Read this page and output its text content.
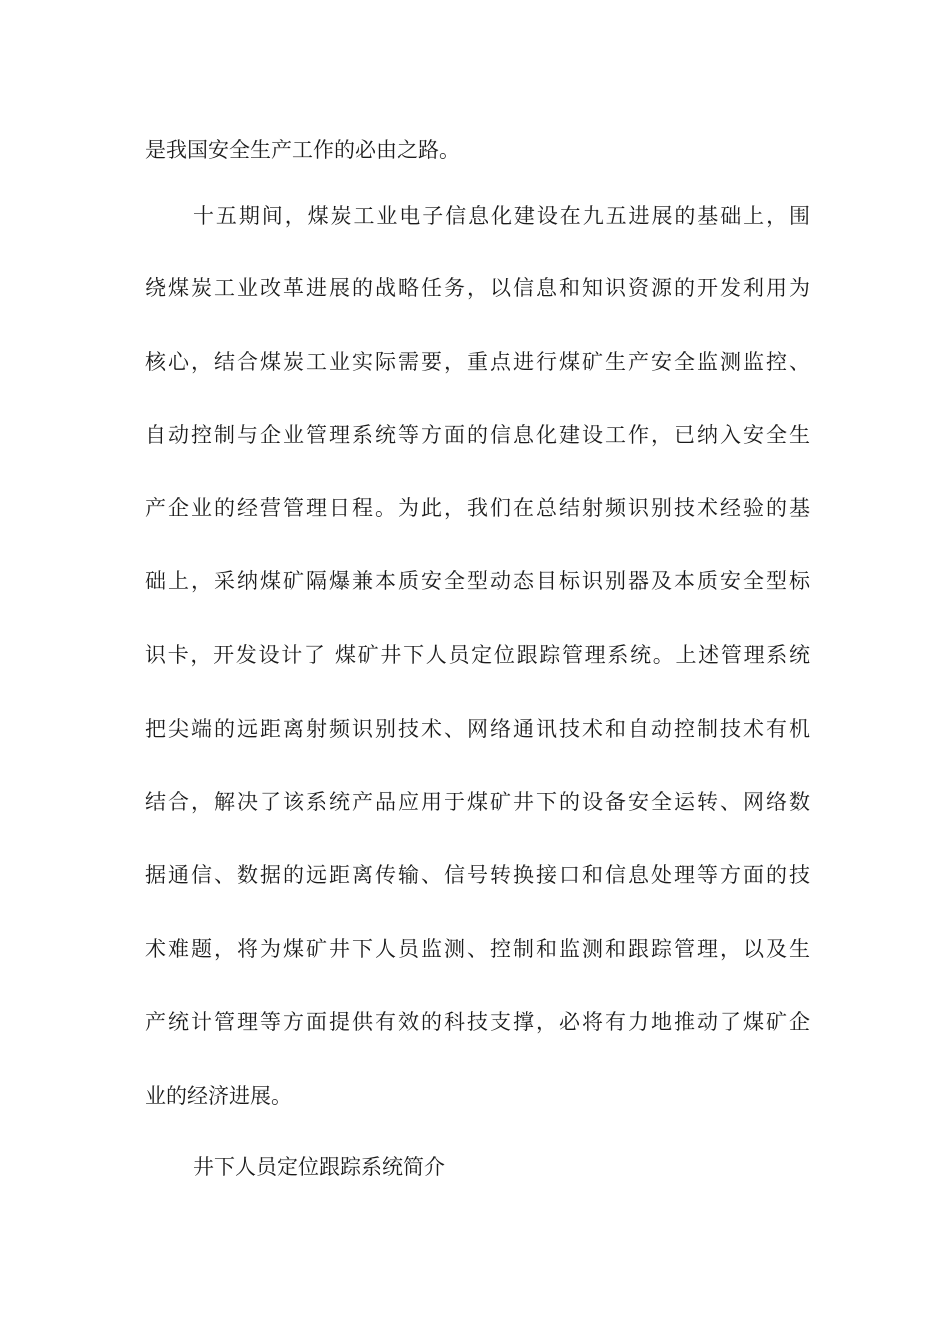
是我国安全生产工作的必由之路。
十五期间，煤炭工业电子信息化建设在九五进展的基础上，围
绕煤炭工业改革进展的战略任务，以信息和知识资源的开发利用为
核心，结合煤炭工业实际需要，重点进行煤矿生产安全监测监控、
自动控制与企业管理系统等方面的信息化建设工作，已纳入安全生
产企业的经营管理日程。为此，我们在总结射频识别技术经验的基
础上，采纳煤矿隔爆兼本质安全型动态目标识别器及本质安全型标
识卡，开发设计了 煤矿井下人员定位跟踪管理系统。上述管理系统
把尖端的远距离射频识别技术、网络通讯技术和自动控制技术有机
结合，解决了该系统产品应用于煤矿井下的设备安全运转、网络数
据通信、数据的远距离传输、信号转换接口和信息处理等方面的技
术难题，将为煤矿井下人员监测、控制和监测和跟踪管理，以及生
产统计管理等方面提供有效的科技支撑，必将有力地推动了煤矿企
业的经济进展。
井下人员定位跟踪系统简介
